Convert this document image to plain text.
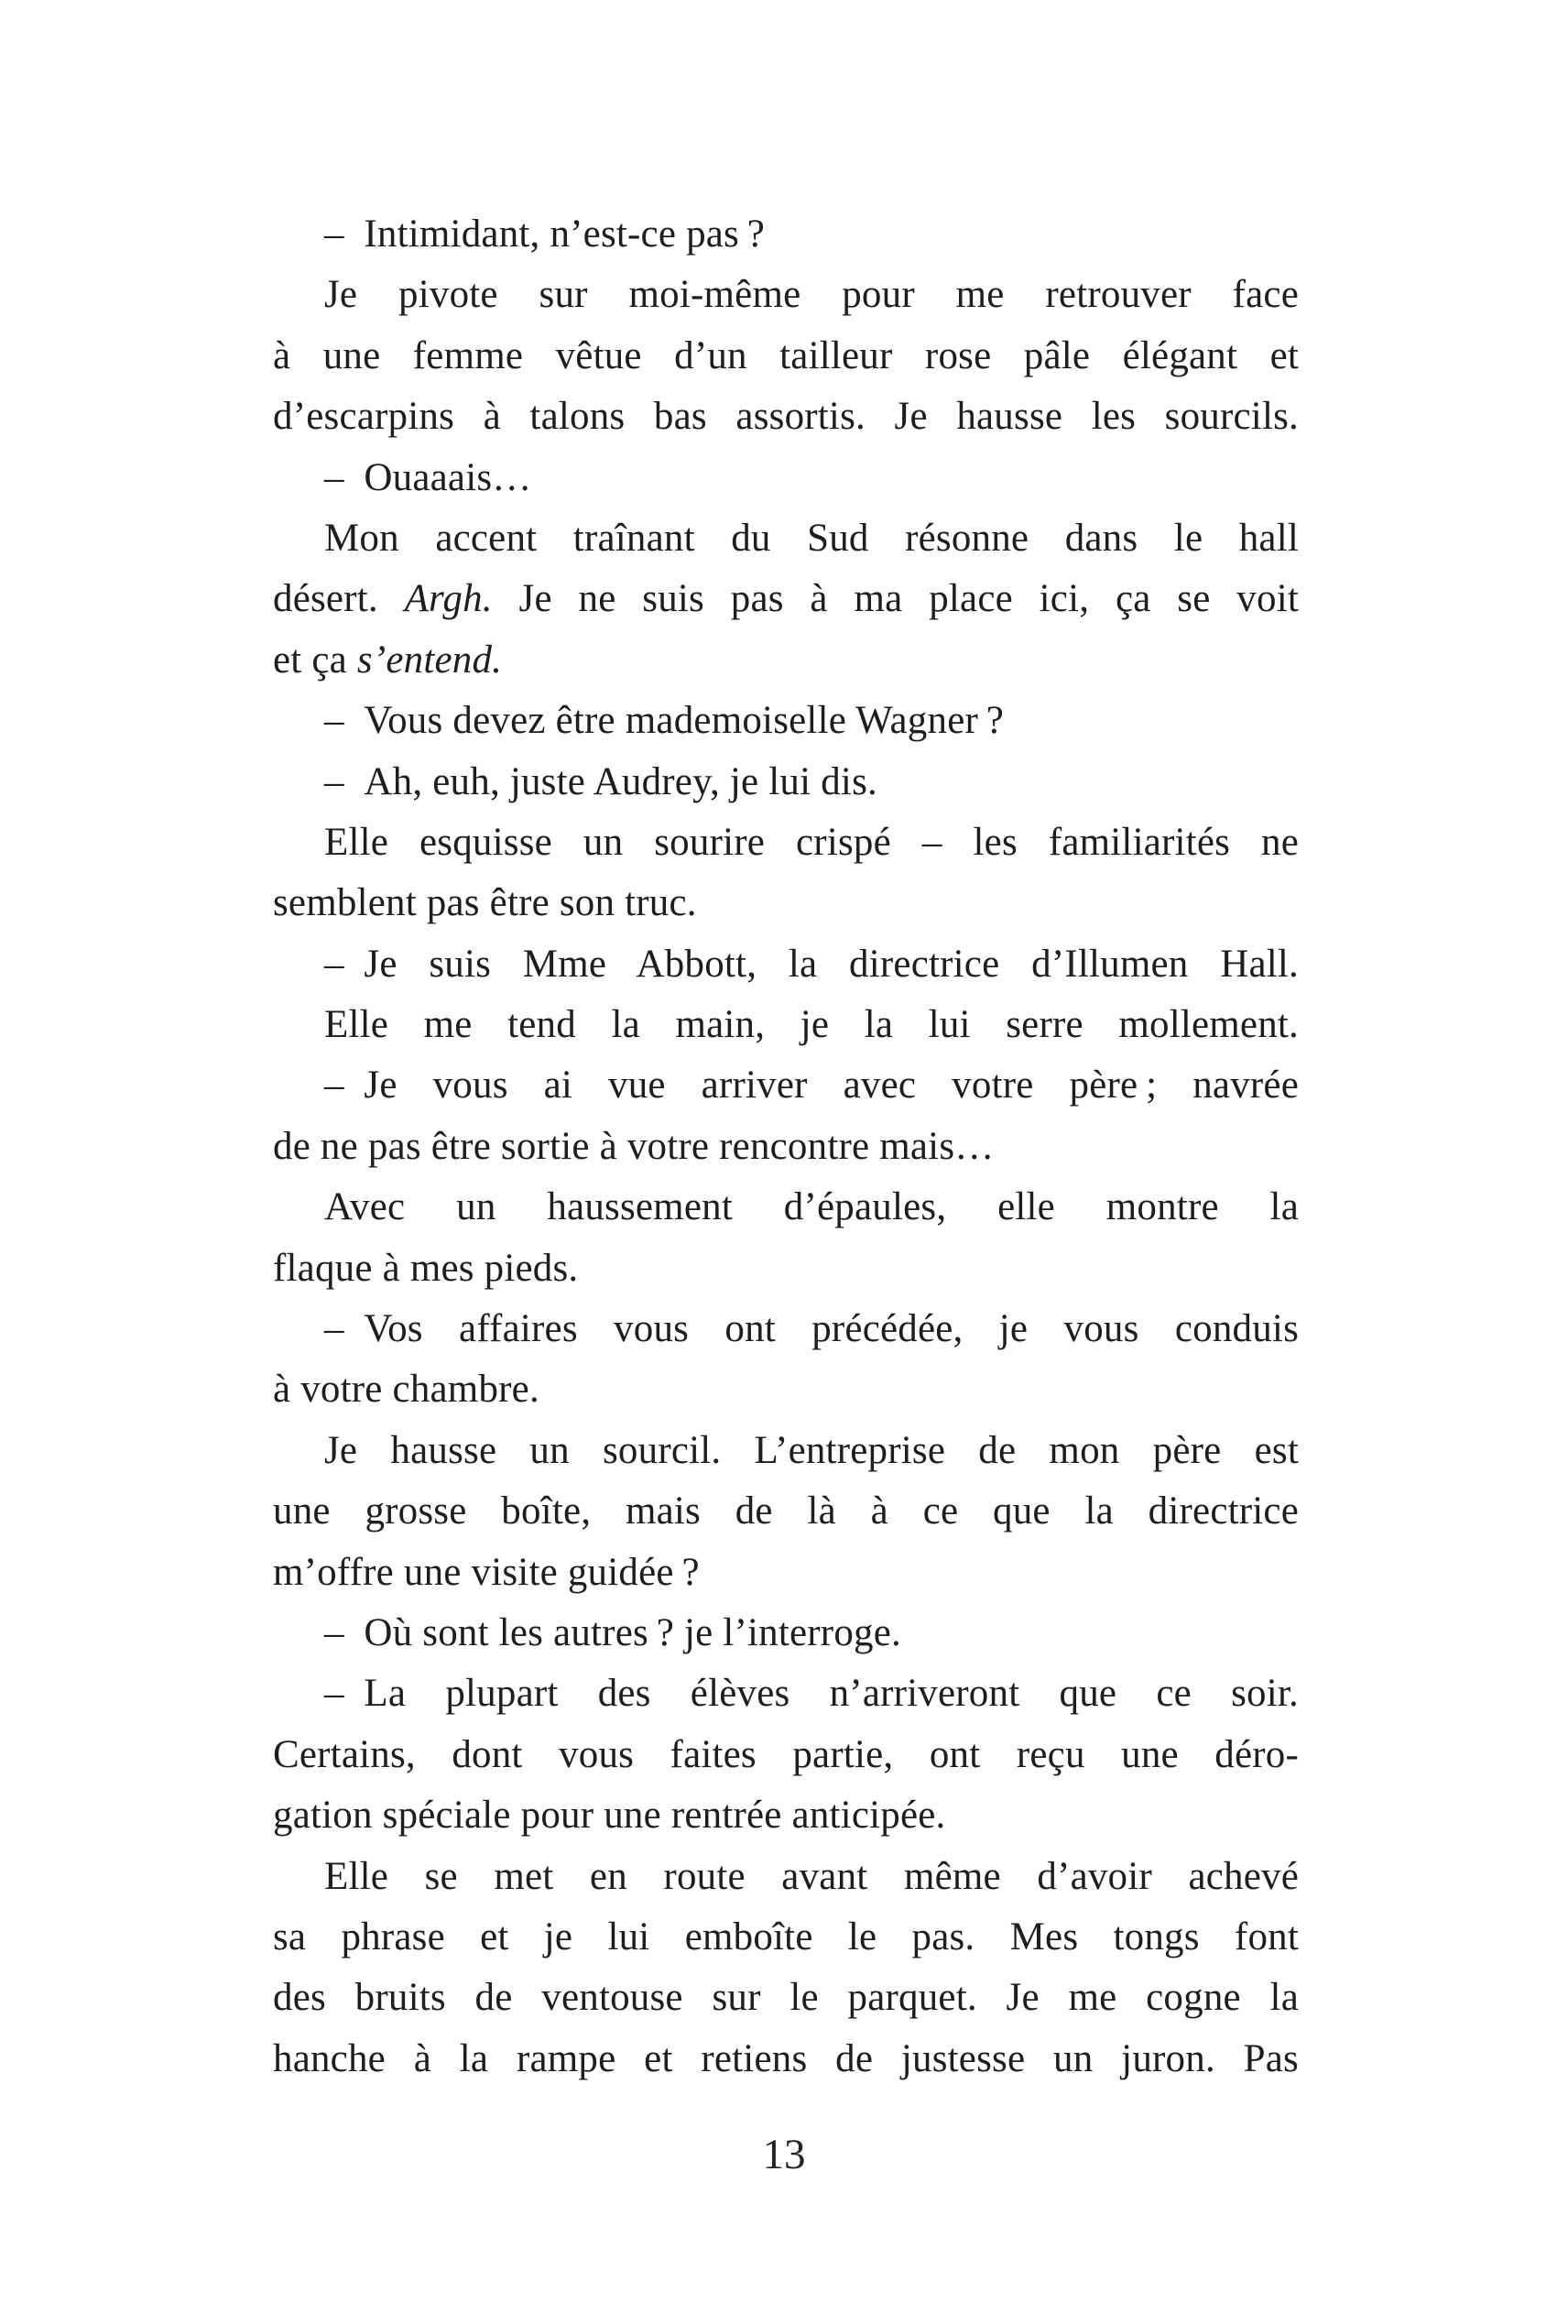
– Intimidant, n’est-ce pas ?
Je pivote sur moi-même pour me retrouver face
à une femme vêtue d’un tailleur rose pâle élégant et
d’escarpins à talons bas assortis. Je hausse les sourcils.
– Ouaaais…
Mon accent traînant du Sud résonne dans le hall
désert. Argh. Je ne suis pas à ma place ici, ça se voit
et ça s’entend.
– Vous devez être mademoiselle Wagner ?
– Ah, euh, juste Audrey, je lui dis.
Elle esquisse un sourire crispé – les familiarités ne
semblent pas être son truc.
– Je suis Mme Abbott, la directrice d’Illumen Hall.
Elle me tend la main, je la lui serre mollement.
– Je vous ai vue arriver avec votre père ; navrée
de ne pas être sortie à votre rencontre mais…
Avec un haussement d’épaules, elle montre la
flaque à mes pieds.
– Vos affaires vous ont précédée, je vous conduis
à votre chambre.
Je hausse un sourcil. L’entreprise de mon père est
une grosse boîte, mais de là à ce que la directrice
m’offre une visite guidée ?
– Où sont les autres ? je l’interroge.
– La plupart des élèves n’arriveront que ce soir.
Certains, dont vous faites partie, ont reçu une déro-
gation spéciale pour une rentrée anticipée.
Elle se met en route avant même d’avoir achevé
sa phrase et je lui emboîte le pas. Mes tongs font
des bruits de ventouse sur le parquet. Je me cogne la
hanche à la rampe et retiens de justesse un juron. Pas
13
